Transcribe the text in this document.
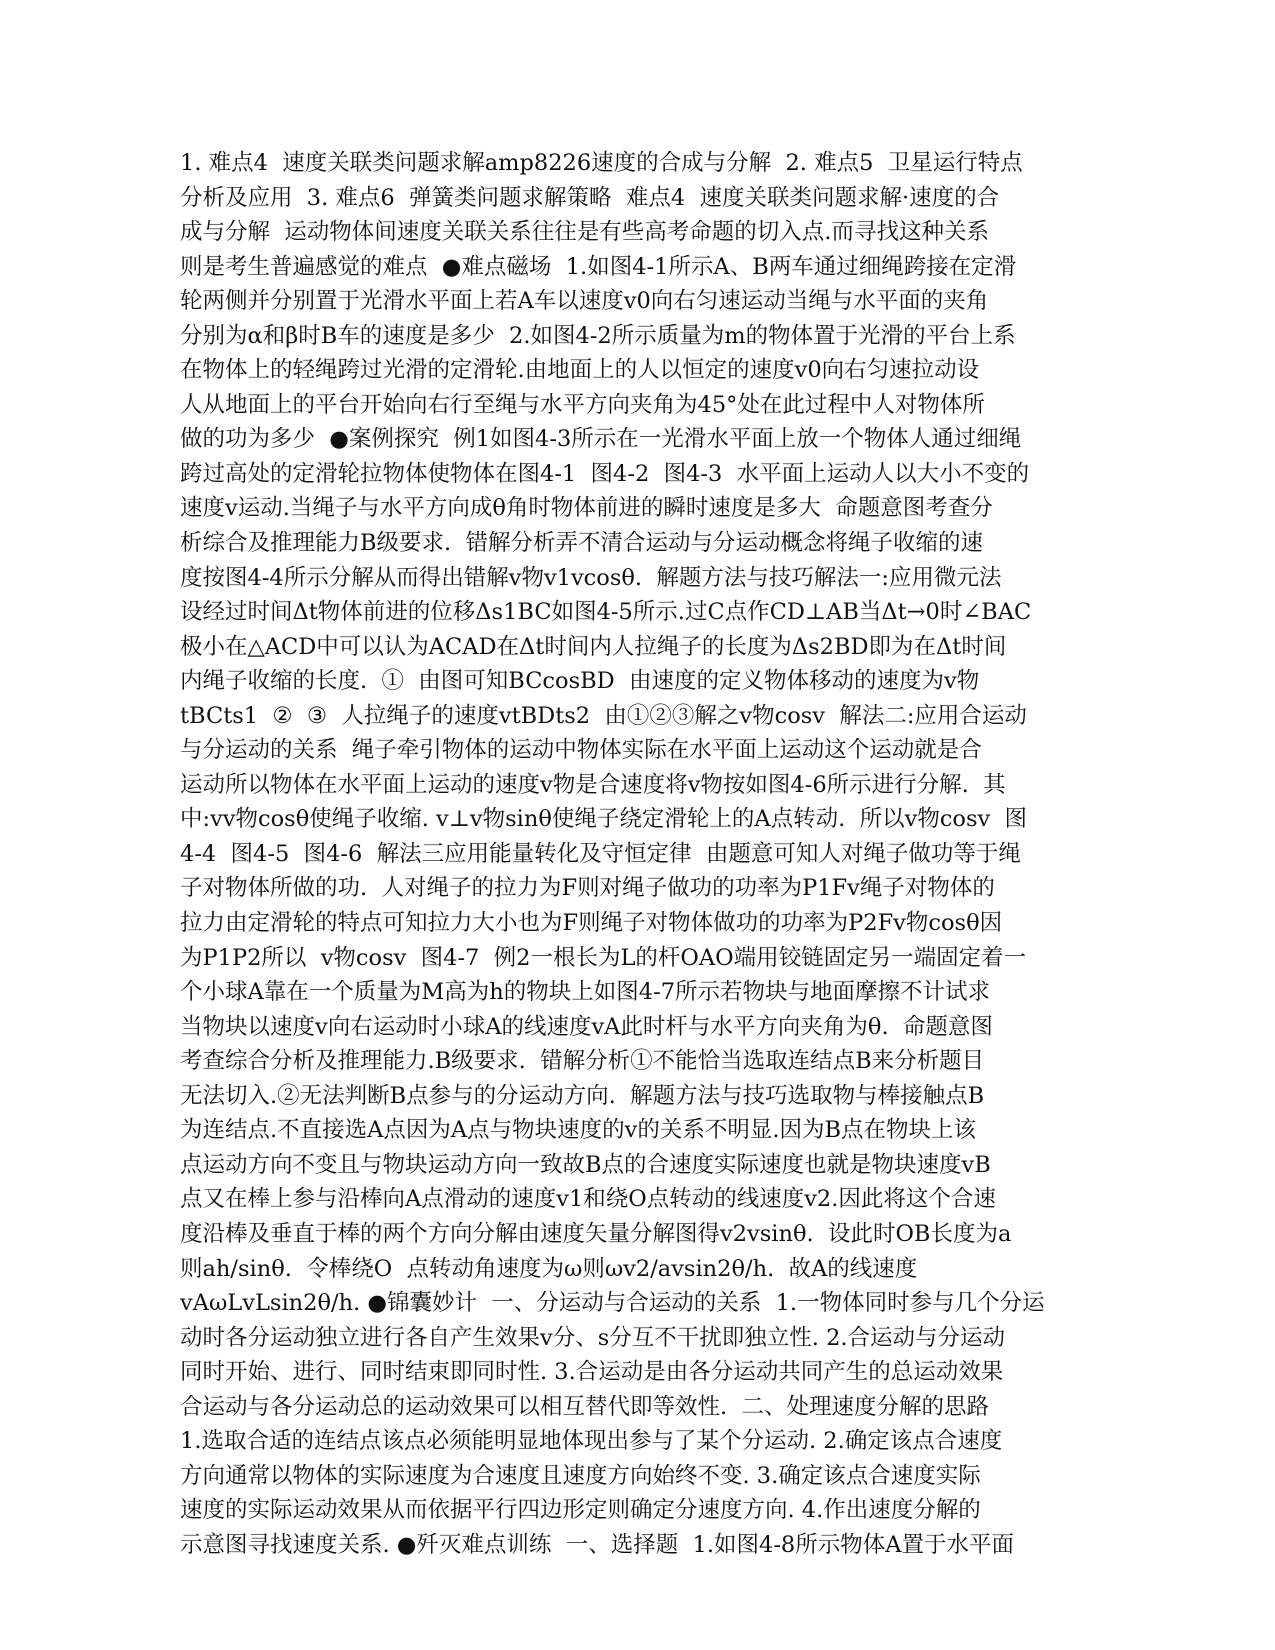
1. 难点4  速度关联类问题求解amp8226速度的合成与分解  2. 难点5  卫星运行特点
分析及应用  3. 难点6  弹簧类问题求解策略  难点4  速度关联类问题求解·速度的合
成与分解  运动物体间速度关联关系往往是有些高考命题的切入点.而寻找这种关系
则是考生普遍感觉的难点  ●难点磁场  1.如图4-1所示A、B两车通过细绳跨接在定滑
轮两侧并分别置于光滑水平面上若A车以速度v0向右匀速运动当绳与水平面的夹角
分别为α和β时B车的速度是多少  2.如图4-2所示质量为m的物体置于光滑的平台上系
在物体上的轻绳跨过光滑的定滑轮.由地面上的人以恒定的速度v0向右匀速拉动设
人从地面上的平台开始向右行至绳与水平方向夹角为45°处在此过程中人对物体所
做的功为多少  ●案例探究  例1如图4-3所示在一光滑水平面上放一个物体人通过细绳
跨过高处的定滑轮拉物体使物体在图4-1  图4-2  图4-3  水平面上运动人以大小不变的
速度v运动.当绳子与水平方向成θ角时物体前进的瞬时速度是多大  命题意图考查分
析综合及推理能力B级要求.  错解分析弄不清合运动与分运动概念将绳子收缩的速
度按图4-4所示分解从而得出错解v物v1vcosθ.  解题方法与技巧解法一:应用微元法
设经过时间Δt物体前进的位移Δs1BC如图4-5所示.过C点作CD⊥AB当Δt→0时∠BAC
极小在△ACD中可以认为ACAD在Δt时间内人拉绳子的长度为Δs2BD即为在Δt时间
内绳子收缩的长度.  ①  由图可知BCcosBD  由速度的定义物体移动的速度为v物
tBCts1  ②  ③  人拉绳子的速度vtBDts2  由①②③解之v物cosv  解法二:应用合运动
与分运动的关系  绳子牵引物体的运动中物体实际在水平面上运动这个运动就是合
运动所以物体在水平面上运动的速度v物是合速度将v物按如图4-6所示进行分解.  其
中:vv物cosθ使绳子收缩. v⊥v物sinθ使绳子绕定滑轮上的A点转动.  所以v物cosv  图
4-4  图4-5  图4-6  解法三应用能量转化及守恒定律  由题意可知人对绳子做功等于绳
子对物体所做的功.  人对绳子的拉力为F则对绳子做功的功率为P1Fv绳子对物体的
拉力由定滑轮的特点可知拉力大小也为F则绳子对物体做功的功率为P2Fv物cosθ因
为P1P2所以  v物cosv  图4-7  例2一根长为L的杆OAO端用铰链固定另一端固定着一
个小球A靠在一个质量为M高为h的物块上如图4-7所示若物块与地面摩擦不计试求
当物块以速度v向右运动时小球A的线速度vA此时杆与水平方向夹角为θ.  命题意图
考查综合分析及推理能力.B级要求.  错解分析①不能恰当选取连结点B来分析题目
无法切入.②无法判断B点参与的分运动方向.  解题方法与技巧选取物与棒接触点B
为连结点.不直接选A点因为A点与物块速度的v的关系不明显.因为B点在物块上该
点运动方向不变且与物块运动方向一致故B点的合速度实际速度也就是物块速度vB
点又在棒上参与沿棒向A点滑动的速度v1和绕O点转动的线速度v2.因此将这个合速
度沿棒及垂直于棒的两个方向分解由速度矢量分解图得v2vsinθ.  设此时OB长度为a
则ah/sinθ.  令棒绕O  点转动角速度为ω则ωv2/avsin2θ/h.  故A的线速度
vAωLvLsin2θ/h. ●锦囊妙计  一、分运动与合运动的关系  1.一物体同时参与几个分运
动时各分运动独立进行各自产生效果v分、s分互不干扰即独立性. 2.合运动与分运动
同时开始、进行、同时结束即同时性. 3.合运动是由各分运动共同产生的总运动效果
合运动与各分运动总的运动效果可以相互替代即等效性.  二、处理速度分解的思路
1.选取合适的连结点该点必须能明显地体现出参与了某个分运动. 2.确定该点合速度
方向通常以物体的实际速度为合速度且速度方向始终不变. 3.确定该点合速度实际
速度的实际运动效果从而依据平行四边形定则确定分速度方向. 4.作出速度分解的
示意图寻找速度关系. ●歼灭难点训练  一、选择题  1.如图4-8所示物体A置于水平面
